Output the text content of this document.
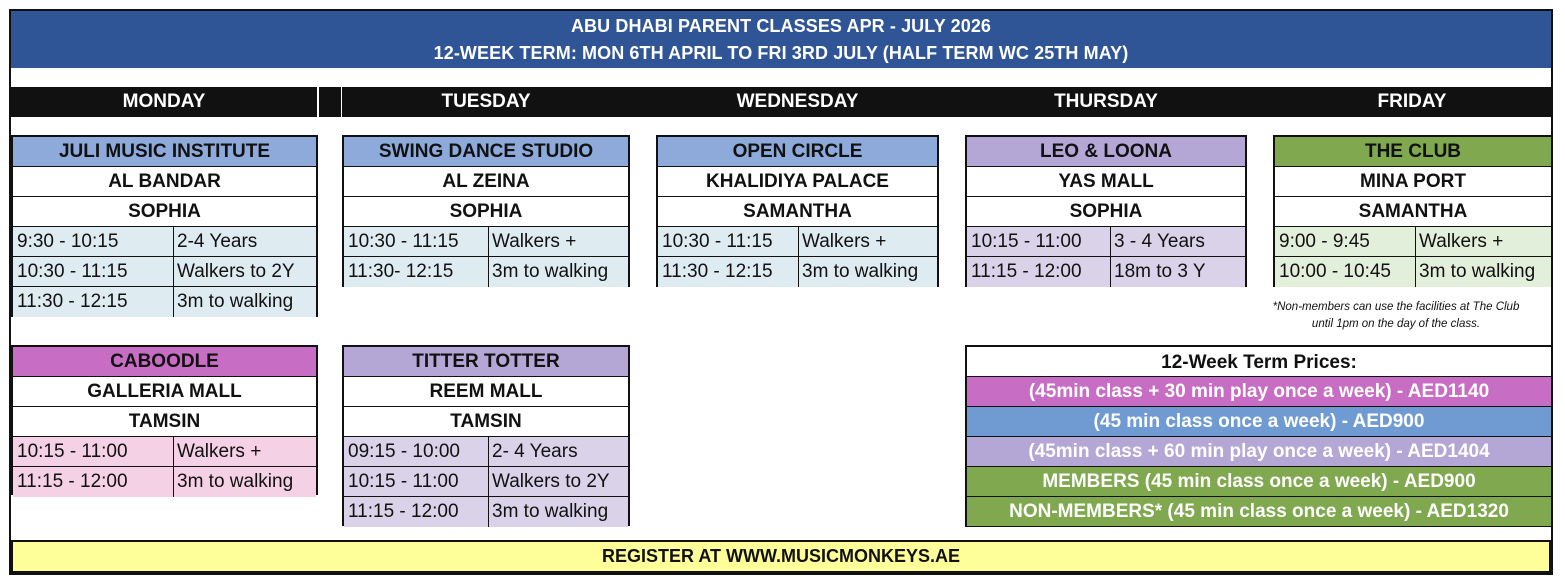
ABU DHABI PARENT CLASSES APR - JULY 2026
12-WEEK TERM: MON 6TH APRIL TO FRI 3RD JULY (HALF TERM WC 25TH MAY)
MONDAY	TUESDAY	WEDNESDAY	THURSDAY	FRIDAY
JULI MUSIC INSTITUTE
AL BANDAR
SOPHIA
9:30 - 10:15	2-4 Years
10:30 - 11:15	Walkers to 2Y
11:30 - 12:15	3m to walking
CABOODLE
GALLERIA MALL
TAMSIN
10:15 - 11:00	Walkers +
11:15 - 12:00	3m to walking
SWING DANCE STUDIO
AL ZEINA
SOPHIA
10:30 - 11:15	Walkers +
11:30- 12:15	3m to walking
TITTER TOTTER
REEM MALL
TAMSIN
09:15 - 10:00	2- 4 Years
10:15 - 11:00	Walkers to 2Y
11:15 - 12:00	3m to walking
OPEN CIRCLE
KHALIDIYA PALACE
SAMANTHA
10:30 - 11:15	Walkers +
11:30 - 12:15	3m to walking
LEO & LOONA
YAS MALL
SOPHIA
10:15 - 11:00	3 - 4 Years
11:15 - 12:00	18m to 3 Y
THE CLUB
MINA PORT
SAMANTHA
9:00 - 9:45	Walkers +
10:00 - 10:45	3m to walking
*Non-members can use the facilities at The Club
until 1pm on the day of the class.
12-Week Term Prices:
(45min class + 30 min play once a week) - AED1140
(45 min class once a week) - AED900
(45min class + 60 min play once a week) - AED1404
MEMBERS (45 min class once a week) - AED900
NON-MEMBERS* (45 min class once a week) - AED1320
REGISTER AT WWW.MUSICMONKEYS.AE
